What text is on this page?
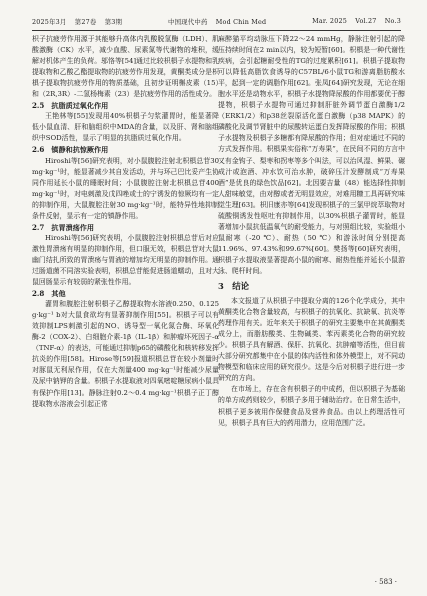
2025年3月 第27卷 第3期	中国现代中药 Mod Chin Med	Mar. 2025 Vol.27 No.3

枳子抗疲劳作用源于其能够升高体内乳酸脱氢酶（LDH）、肌酸激酶（CK）水平，减少血酸、尿素氮等代谢物的堆积，缓解对机体产生的负荷。邬恪等[54]通过比较枳椇子水提物和乳提取物和乙酸乙酯提取物的抗疲劳作用发现，黄酮类成分是枳椇子提取物抗疲劳作用的物质基础，且初步证明槲皮素（15）和（2R,3R）-二氢杨梅素（23）是抗疲劳作用的活性成分。

2.5　抗脂质过氧化作用

王艳林等[55]发现用40%枳椇子匀浆灌胃时，能显著降低小鼠血清、肝和脑组织中MDA的含量，以及肝、肾和脑组织中SOD活性，显示了明显的抗脂质过氧化作用。

2.6　镇静和抗惊厥作用

Hiroshi等[56]研究表明，对小鼠腹腔注射北枳椇总苷30 mg·kg⁻¹时，能显著减少其自发活动，并与环己巴比妥产生协同作用延长小鼠的睡眠时间；小鼠腹腔注射北枳椇总苷400 mg·kg⁻¹时，对电刺激及戊四唑或士的宁诱发的惊厥均有一定的抑制作用，大鼠腹腔注射30 mg·kg⁻¹时，能特异性地抑制条件反射，显示有一定的镇静作用。

2.7　抗胃溃疡作用

Hiroshi等[56]研究表明，小鼠腹腔注射枳椇总苷后对应激性胃溃疡有明显的抑制作用，但口服无效，枳椇总苷对大鼠幽门结扎所致的胃溃疡与胃液的增加均无明显的抑制作用。通过肠道菌不同溶实验表明，枳椇总苷能促进肠道蠕动，且对大鼠回肠显示有较弱的紧张性作用。

2.8　其他

灌胃和腹腔注射枳椇子乙醇提取物水溶液0.250、0.125 g·kg⁻¹ b对大鼠食欲均有显著抑制作用[55]。枳椇子可以有效抑制LPS刺激引起的NO、诱导型一氧化氮合酶、环氧化酶-2（COX-2）、白细胞介素-1β（IL-1β）和肿瘤坏死因子-α（TNF-α）的表达，可能通过抑制p65的磷酸化和核转移发挥抗炎的作用[58]。Hirose等[59]报道枳椇总苷在较小剂量时对豚鼠无利尿作用，仅在大剂量400 mg·kg⁻¹时能减少尿量及尿中钠钾的含量。枳椇子水提取液对四氧嘧啶糖尿病小鼠具有保护作用[13]。静脉注射0.2～0.4 mg·kg⁻¹枳椇子正丁醇提取物水溶液会引起正常

麻醉猫平均动脉压下降22～24 mmHg，静脉注射引起的降压持续时间在2 min以内，较为短暂[60]。枳椇是一种代谢性疾病，会引起糖耐受性的TG的过度累积[61]。枳椇子提取物可以降低高脂饮食诱导的C57BL/6小鼠TG和游离脂肪酸水平，起到一定的调脂作用[62]。张凤[64]研究发现，无论在细胞水平还是动物水平，枳椇子水提物降尿酸的作用都要优于醇提物，枳椇子水提物可通过抑制肝脏外调节蛋白激酶1/2（ERK1/2）和p38丝裂原活化蛋白激酶（p38 MAPK）的磷酸化及调节肾脏中的尿酸转运蛋白发挥降尿酸的作用；枳椇子水提物及枳椇子多糖都有降尿酸的作用；但对症通过不同的方式发挥作用。枳椇果实俗称“万寿果”，在民间不同的方言中又有金钩子、梨枣和拐枣等多个叫法，可以治风湿、鲜果、碾成汁或泡酒、冲水饮可治水肿，破碎压汁发酵制成“万寿果酒”是优良的绿色饮品[62]。北因要吉量（48）能选择性抑制人甜味敏觉，由对醇或者无明显效应，对难用糠工具再研究味觉生理[63]。枳旧康亦等[64]发现枳椇子的三氯甲烷萃取物对硫酸铜诱发性呕吐有抑制作用，以30%枳椇子灌胃时，能显著增加小鼠抗低温氧气的耐受能力，与对照组比较，实验组小鼠耐寒（-20 ℃）、耐热（50 ℃）和游泳时间分别提高11.96%、97.43%和99.67%[60]。樊扬等[60]研究表明，枳椇子水提取液显著提高小鼠的耐寒、耐热性能并延长小鼠游泳、爬杆时间。

3　结论

本文报道了从枳椇子中提取分离的126个化学成分，其中黄酮类化合物含量较高，与枳椇子的抗氧化、抗缺氧、抗炎等药理作用有关。近年来关于枳椇子的研究主要集中在其黄酮类成分上，而脂肪酸类、生物碱类、苯丙素类化合物的研究较少。枳椇子具有解酒、保肝、抗氧化、抗肿瘤等活性，但目前大部分研究都集中在小鼠的体内活性和体外模型上，对不同动物模型和临床应用的研究很少。这是今后对枳椇子进行进一步研究的方向。

在市场上，存在含有枳椇子的中成药，但以枳椇子为基础的单方成药则较少，枳椇子多用于辅助治疗。在日常生活中，枳椇子更多被用作保健食品及营养食品。由以上药理活性可见，枳椇子具有巨大的药用潜力，应用范围广泛。

· 583 ·
